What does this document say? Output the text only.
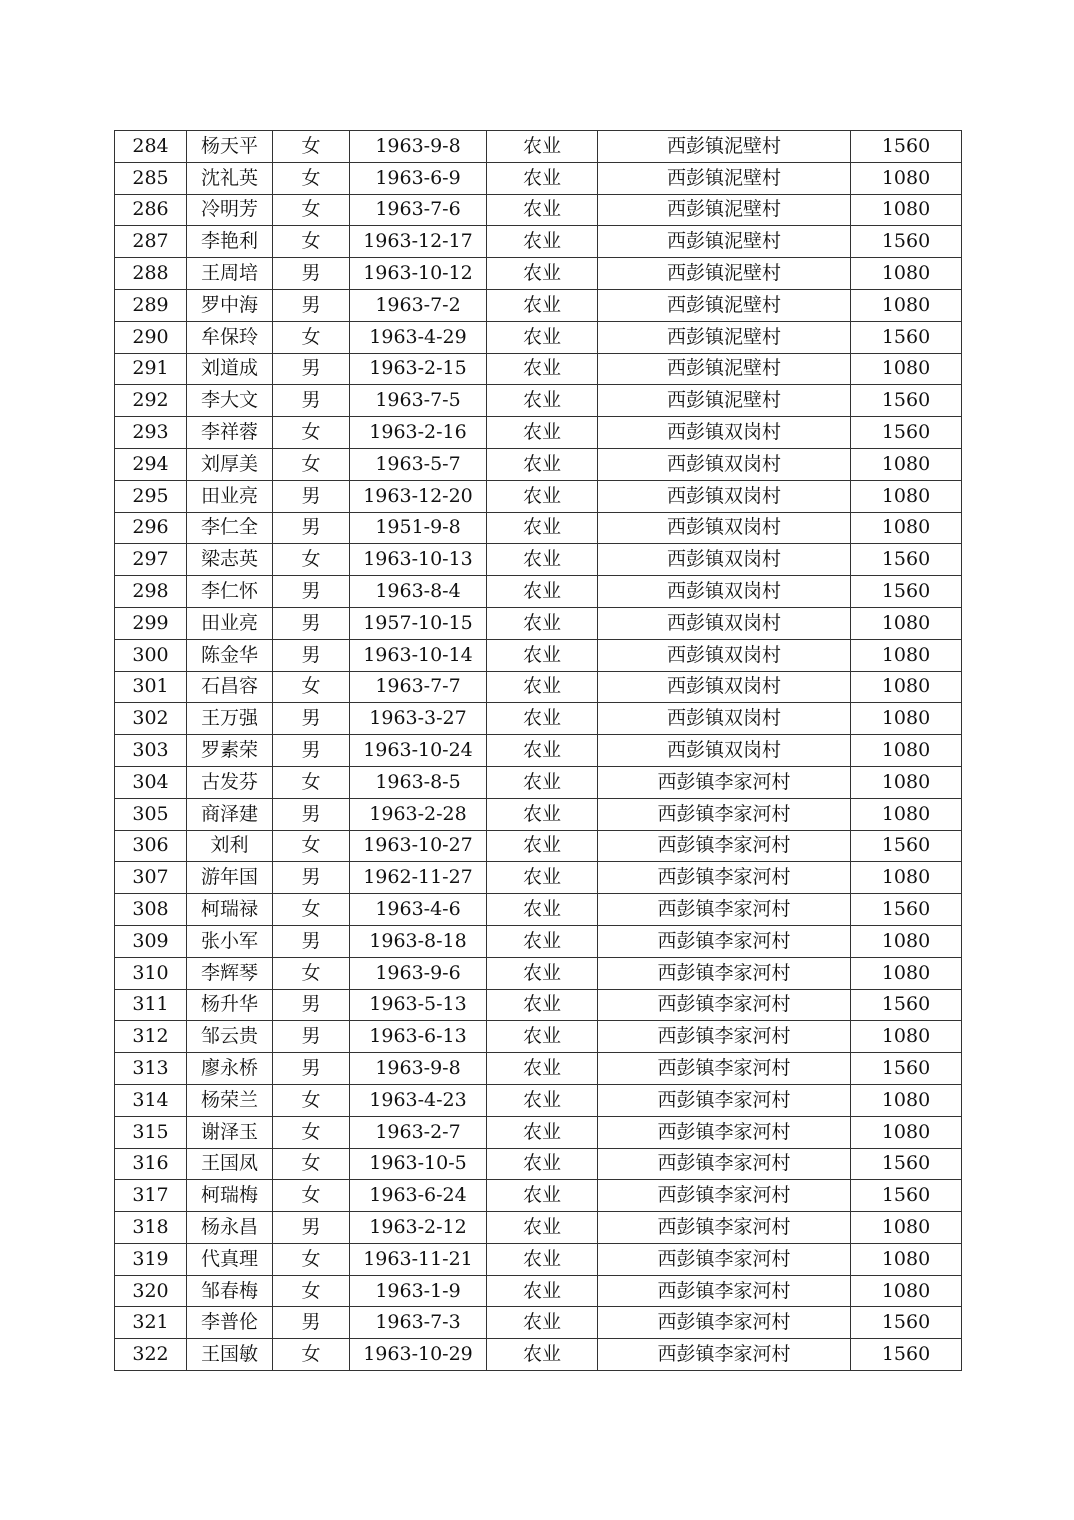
284	杨天平	女	1963-9-8	农业	西彭镇泥壁村	1560
285	沈礼英	女	1963-6-9	农业	西彭镇泥壁村	1080
286	冷明芳	女	1963-7-6	农业	西彭镇泥壁村	1080
287	李艳利	女	1963-12-17	农业	西彭镇泥壁村	1560
288	王周培	男	1963-10-12	农业	西彭镇泥壁村	1080
289	罗中海	男	1963-7-2	农业	西彭镇泥壁村	1080
290	牟保玲	女	1963-4-29	农业	西彭镇泥壁村	1560
291	刘道成	男	1963-2-15	农业	西彭镇泥壁村	1080
292	李大文	男	1963-7-5	农业	西彭镇泥壁村	1560
293	李祥蓉	女	1963-2-16	农业	西彭镇双岗村	1560
294	刘厚美	女	1963-5-7	农业	西彭镇双岗村	1080
295	田业亮	男	1963-12-20	农业	西彭镇双岗村	1080
296	李仁全	男	1951-9-8	农业	西彭镇双岗村	1080
297	梁志英	女	1963-10-13	农业	西彭镇双岗村	1560
298	李仁怀	男	1963-8-4	农业	西彭镇双岗村	1560
299	田业亮	男	1957-10-15	农业	西彭镇双岗村	1080
300	陈金华	男	1963-10-14	农业	西彭镇双岗村	1080
301	石昌容	女	1963-7-7	农业	西彭镇双岗村	1080
302	王万强	男	1963-3-27	农业	西彭镇双岗村	1080
303	罗素荣	男	1963-10-24	农业	西彭镇双岗村	1080
304	古发芬	女	1963-8-5	农业	西彭镇李家河村	1080
305	商泽建	男	1963-2-28	农业	西彭镇李家河村	1080
306	刘利	女	1963-10-27	农业	西彭镇李家河村	1560
307	游年国	男	1962-11-27	农业	西彭镇李家河村	1080
308	柯瑞禄	女	1963-4-6	农业	西彭镇李家河村	1560
309	张小军	男	1963-8-18	农业	西彭镇李家河村	1080
310	李辉琴	女	1963-9-6	农业	西彭镇李家河村	1080
311	杨升华	男	1963-5-13	农业	西彭镇李家河村	1560
312	邹云贵	男	1963-6-13	农业	西彭镇李家河村	1080
313	廖永桥	男	1963-9-8	农业	西彭镇李家河村	1560
314	杨荣兰	女	1963-4-23	农业	西彭镇李家河村	1080
315	谢泽玉	女	1963-2-7	农业	西彭镇李家河村	1080
316	王国凤	女	1963-10-5	农业	西彭镇李家河村	1560
317	柯瑞梅	女	1963-6-24	农业	西彭镇李家河村	1560
318	杨永昌	男	1963-2-12	农业	西彭镇李家河村	1080
319	代真理	女	1963-11-21	农业	西彭镇李家河村	1080
320	邹春梅	女	1963-1-9	农业	西彭镇李家河村	1080
321	李普伦	男	1963-7-3	农业	西彭镇李家河村	1560
322	王国敏	女	1963-10-29	农业	西彭镇李家河村	1560
